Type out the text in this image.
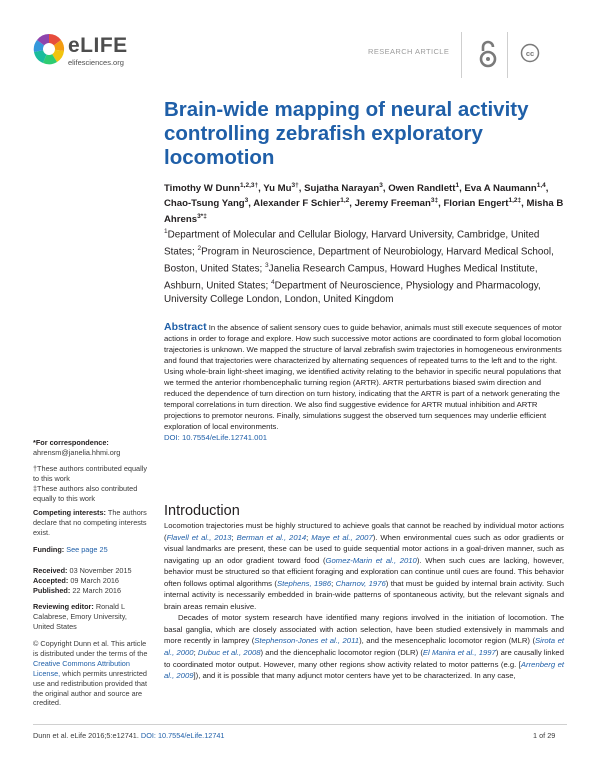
eLIFE
elifesciences.org
RESEARCH ARTICLE	cc
Brain-wide mapping of neural activity controlling zebrafish exploratory locomotion
Timothy W Dunn$^{1,2,3\dagger}$, Yu $Mu^{3\dagger}$, Sujatha Narayan$^3$, Owen Randlett$^1$, Eva A Naumann$^{1,4}$, Chao-Tsung Yang$^3$, Alexander F Schier$^{1,2}$, Jeremy Freeman$^{3\ddagger}$, Florian Engert$^{1,2\ddagger}$, Misha B Ahrens$^{3*\ddagger}$
$^1$Department of Molecular and Cellular Biology, Harvard University, Cambridge, United States; $^2$Program in Neuroscience, Department of Neurobiology, Harvard Medical School, Boston, United States; $^3$Janelia Research Campus, Howard Hughes Medical Institute, Ashburn, United States; $^4$Department of Neuroscience, Physiology and Pharmacology, University College London, London, United Kingdom
*For correspondence: ahrensm@janelia.hhmi.org
†These authors contributed equally to this work
‡These authors also contributed equally to this work
Competing interests: The authors declare that no competing interests exist.
Funding: See page 25
Received: 03 November 2015
Accepted: 09 March 2016
Published: 22 March 2016
Reviewing editor: Ronald L Calabrese, Emory University, United States
© Copyright Dunn et al. This article is distributed under the terms of the Creative Commons Attribution License, which permits unrestricted use and redistribution provided that the original author and source are credited.
Abstract In the absence of salient sensory cues to guide behavior, animals must still execute sequences of motor actions in order to forage and explore. How such successive motor actions are coordinated to form global locomotion trajectories is unknown. We mapped the structure of larval zebrafish swim trajectories in homogeneous environments and found that trajectories were characterized by alternating sequences of repeated turns to the left and to the right. Using whole-brain light-sheet imaging, we identified activity relating to the behavior in specific neural populations that we termed the anterior rhombencephalic turning region (ARTR). ARTR perturbations biased swim direction and reduced the dependence of turn direction on turn history, indicating that the ARTR is part of a network generating the temporal correlations in turn direction. We also find suggestive evidence for ARTR mutual inhibition and ARTR projections to premotor neurons. Finally, simulations suggest the observed turn sequences may underlie efficient exploration of local environments.
DOI: 10.7554/eLife.12741.001
Introduction

Locomotion trajectories must be highly structured to achieve goals that cannot be reached by individual motor actions (Flavell et al., 2013; Berman et al., 2014; Maye et al., 2007). When environmental cues such as odor gradients or visual landmarks are present, these can be used to guide sequential motor actions in a goal-driven manner, such as navigating up an odor gradient toward food (Gomez-Marin et al., 2010). When such cues are lacking, however, behavior must be structured so that efficient foraging and exploration can continue until cues are found. This behavior often follows optimal algorithms (Stephens, 1986; Charnov, 1976) that must be guided by internal brain activity. Such internal activity is necessarily embedded in brain-wide patterns of spontaneous activity, but the relevant signals and brain areas remain elusive.

Decades of motor system research have identified many regions involved in the initiation of locomotion. The basal ganglia, which are closely associated with action selection, have been studied extensively in mammals and more recently in lamprey (Stephenson-Jones et al., 2011), and the mesencephalic locomotor region (MLR) (Sirota et al., 2000; Dubuc et al., 2008) and the diencephalic locomotor region (DLR) (El Manira et al., 1997) are causally linked to coordinated motor output. However, many other regions show activity related to motor patterns (e.g. [Arrenberg et al., 2009]), and it is possible that many adjunct motor centers have yet to be characterized. In any case,

Dunn et al. eLife 2016;5:e12741. DOI: 10.7554/eLife.12741	1 of 29
